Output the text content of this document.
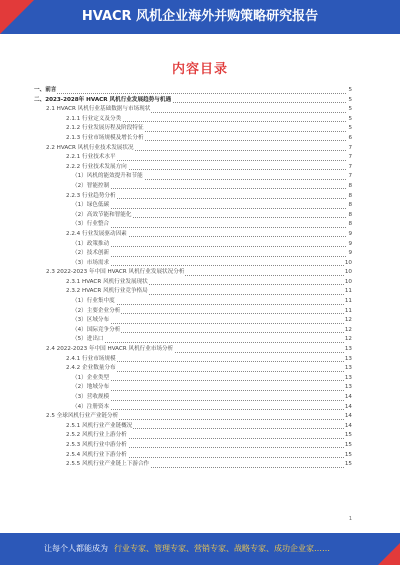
HVACR 风机企业海外并购策略研究报告
内容目录
一、前言	5
二、2023-2028年 HVACR 风机行业发展趋势与机遇	5
2.1 HVACR 风机行业基础数据与市场现状	5
2.1.1 行业定义及分类	5
2.1.2 行业发展历程及阶段特征	5
2.1.3 行业市场规模及增长分析	6
2.2 HVACR 风机行业技术发展状况	7
2.2.1 行业技术水平	7
2.2.2 行业技术发展方向	7
（1）风机的能效提升和节能	7
（2）智能控制	8
2.2.3 行业趋势分析	8
（1）绿色低碳	8
（2）高效节能和智能化	8
（3）行业整合	8
2.2.4 行业发展驱动因素	9
（1）政策推动	9
（2）技术创新	9
（3）市场需求	10
2.3 2022-2023 年中国 HVACR 风机行业发展状况分析	10
2.3.1 HVACR 风机行业发展现状	10
2.3.2 HVACR 风机行业竞争格局	11
（1）行业集中度	11
（2）主要企业分析	11
（3）区域分布	12
（4）国际竞争分析	12
（5）进出口	12
2.4 2022-2023 年中国 HVACR 风机行业市场分析	13
2.4.1 行业市场规模	13
2.4.2 企业数量分布	13
（1）企业类型	13
（2）地域分布	13
（3）营收规模	14
（4）注册资本	14
2.5 全球风机行业产业链分析	14
2.5.1 风机行业产业链概况	14
2.5.2 风机行业上游分析	15
2.5.3 风机行业中游分析	15
2.5.4 风机行业下游分析	15
2.5.5 风机行业产业链上下游合作	15
1
让每个人都能成为 行业专家、管理专家、营销专家、战略专家、成功企业家……
